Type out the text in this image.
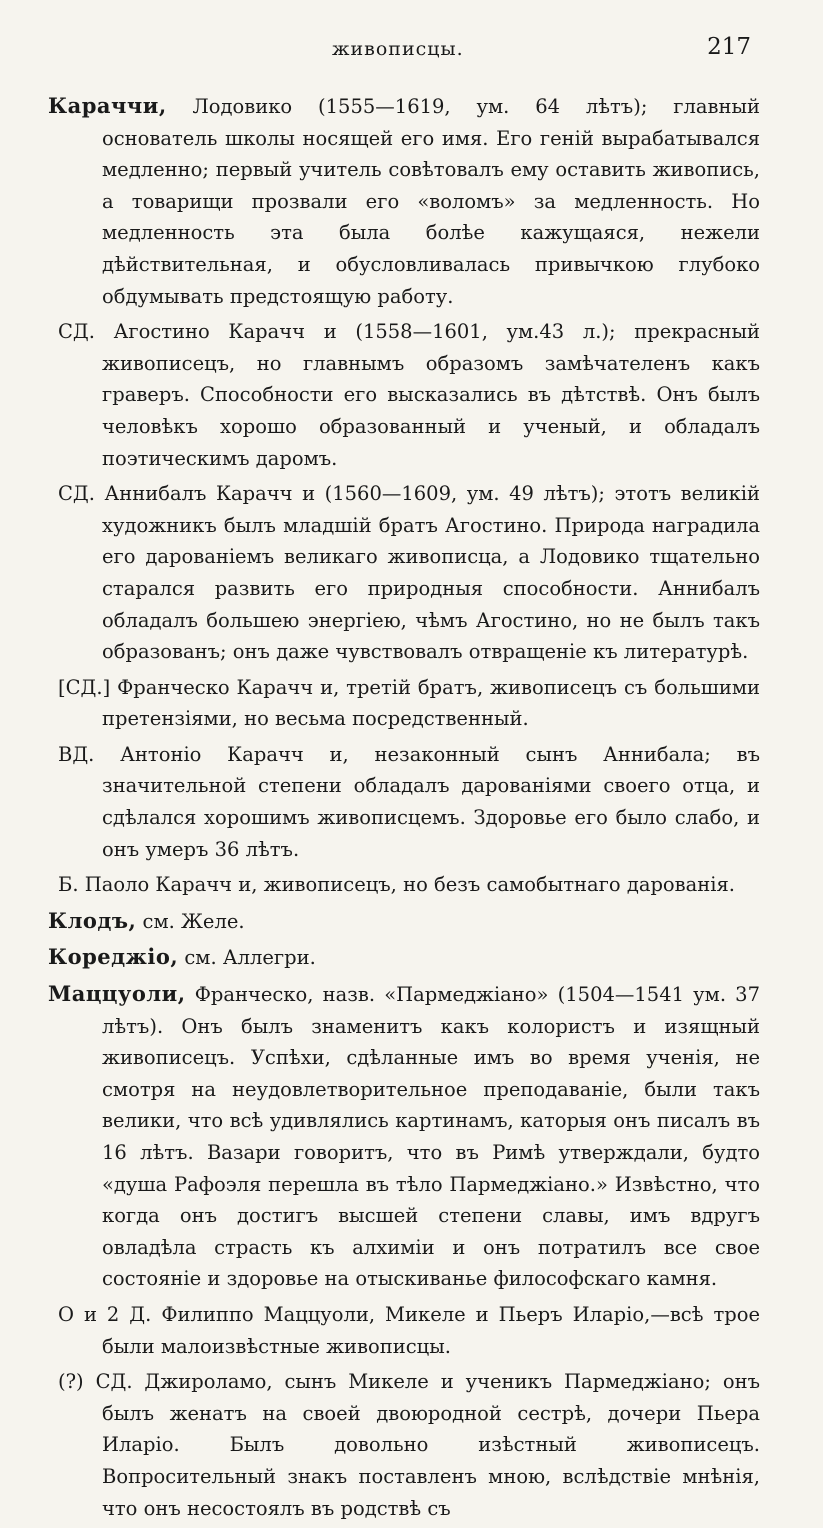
живописцы.	217

Караччи, Лодовико (1555—1619, ум. 64 лѣтъ); главный основатель школы носящей его имя. Его генiй вырабатывался медленно; первый учитель совѣтовалъ ему оставить живопись, а товарищи прозвали его «воломъ» за медленность. Но медленность эта была болѣе кажущаяся, нежели дѣйствительная, и обусловливалась привычкою глубоко обдумывать предстоящую работу.

СД. Агостино Карачч и (1558—1601, ум.43 л.); прекрасный живописецъ, но главнымъ образомъ замѣчателенъ какъ граверъ. Способности его высказались въ дѣтствѣ. Онъ былъ человѣкъ хорошо образованный и ученый, и обладалъ поэтическимъ даромъ.

СД. Аннибалъ Карачч и (1560—1609, ум. 49 лѣтъ); этотъ великiй художникъ былъ младшiй братъ Агостино. Природа наградила его дарованiемъ великаго живописца, а Лодовико тщательно старался развить его природныя способности. Аннибалъ обладалъ большею энергiею, чѣмъ Агостино, но не былъ такъ образованъ; онъ даже чувствовалъ отвращенiе къ литературѣ.

[СД.] Франческо Карачч и, третiй братъ, живописецъ съ большими претензiями, но весьма посредственный.

ВД. Антонiо Карачч и, незаконный сынъ Аннибала; въ значительной степени обладалъ дарованiями своего отца, и сдѣлался хорошимъ живописцемъ. Здоровье его было слабо, и онъ умеръ 36 лѣтъ.

Б. Паоло Карачч и, живописецъ, но безъ самобытнаго дарованiя.

Клодъ, см. Желе.

Кореджiо, см. Аллегри.

Маццуоли, Франческо, назв. «Пармеджiано» (1504—1541 ум. 37 лѣтъ). Онъ былъ знаменитъ какъ колористъ и изящный живописецъ. Успѣхи, сдѣланные имъ во время ученiя, не смотря на неудовлетворительное преподаванiе, были такъ велики, что всѣ удивлялись картинамъ, каторыя онъ писалъ въ 16 лѣтъ. Вазари говоритъ, что въ Римѣ утверждали, будто «душа Рафоэля перешла въ тѣло Пармеджiано.» Извѣстно, что когда онъ достигъ высшей степени славы, имъ вдругъ овладѣла страсть къ алхимiи и онъ потратилъ все свое состоянiе и здоровье на отыскиванье философскаго камня.

О и 2 Д. Филиппо Маццуоли, Микеле и Пьеръ Иларiо,—всѣ трое были малоизвѣстные живописцы.

(?) СД. Джироламо, сынъ Микеле и ученикъ Пармеджiано; онъ былъ женатъ на своей двоюродной сестрѣ, дочери Пьера Иларiо. Былъ довольно изѣстный живописецъ. Вопросительный знакъ поставленъ мною, вслѣдствiе мнѣнiя, что онъ несостоялъ въ родствѣ съ
